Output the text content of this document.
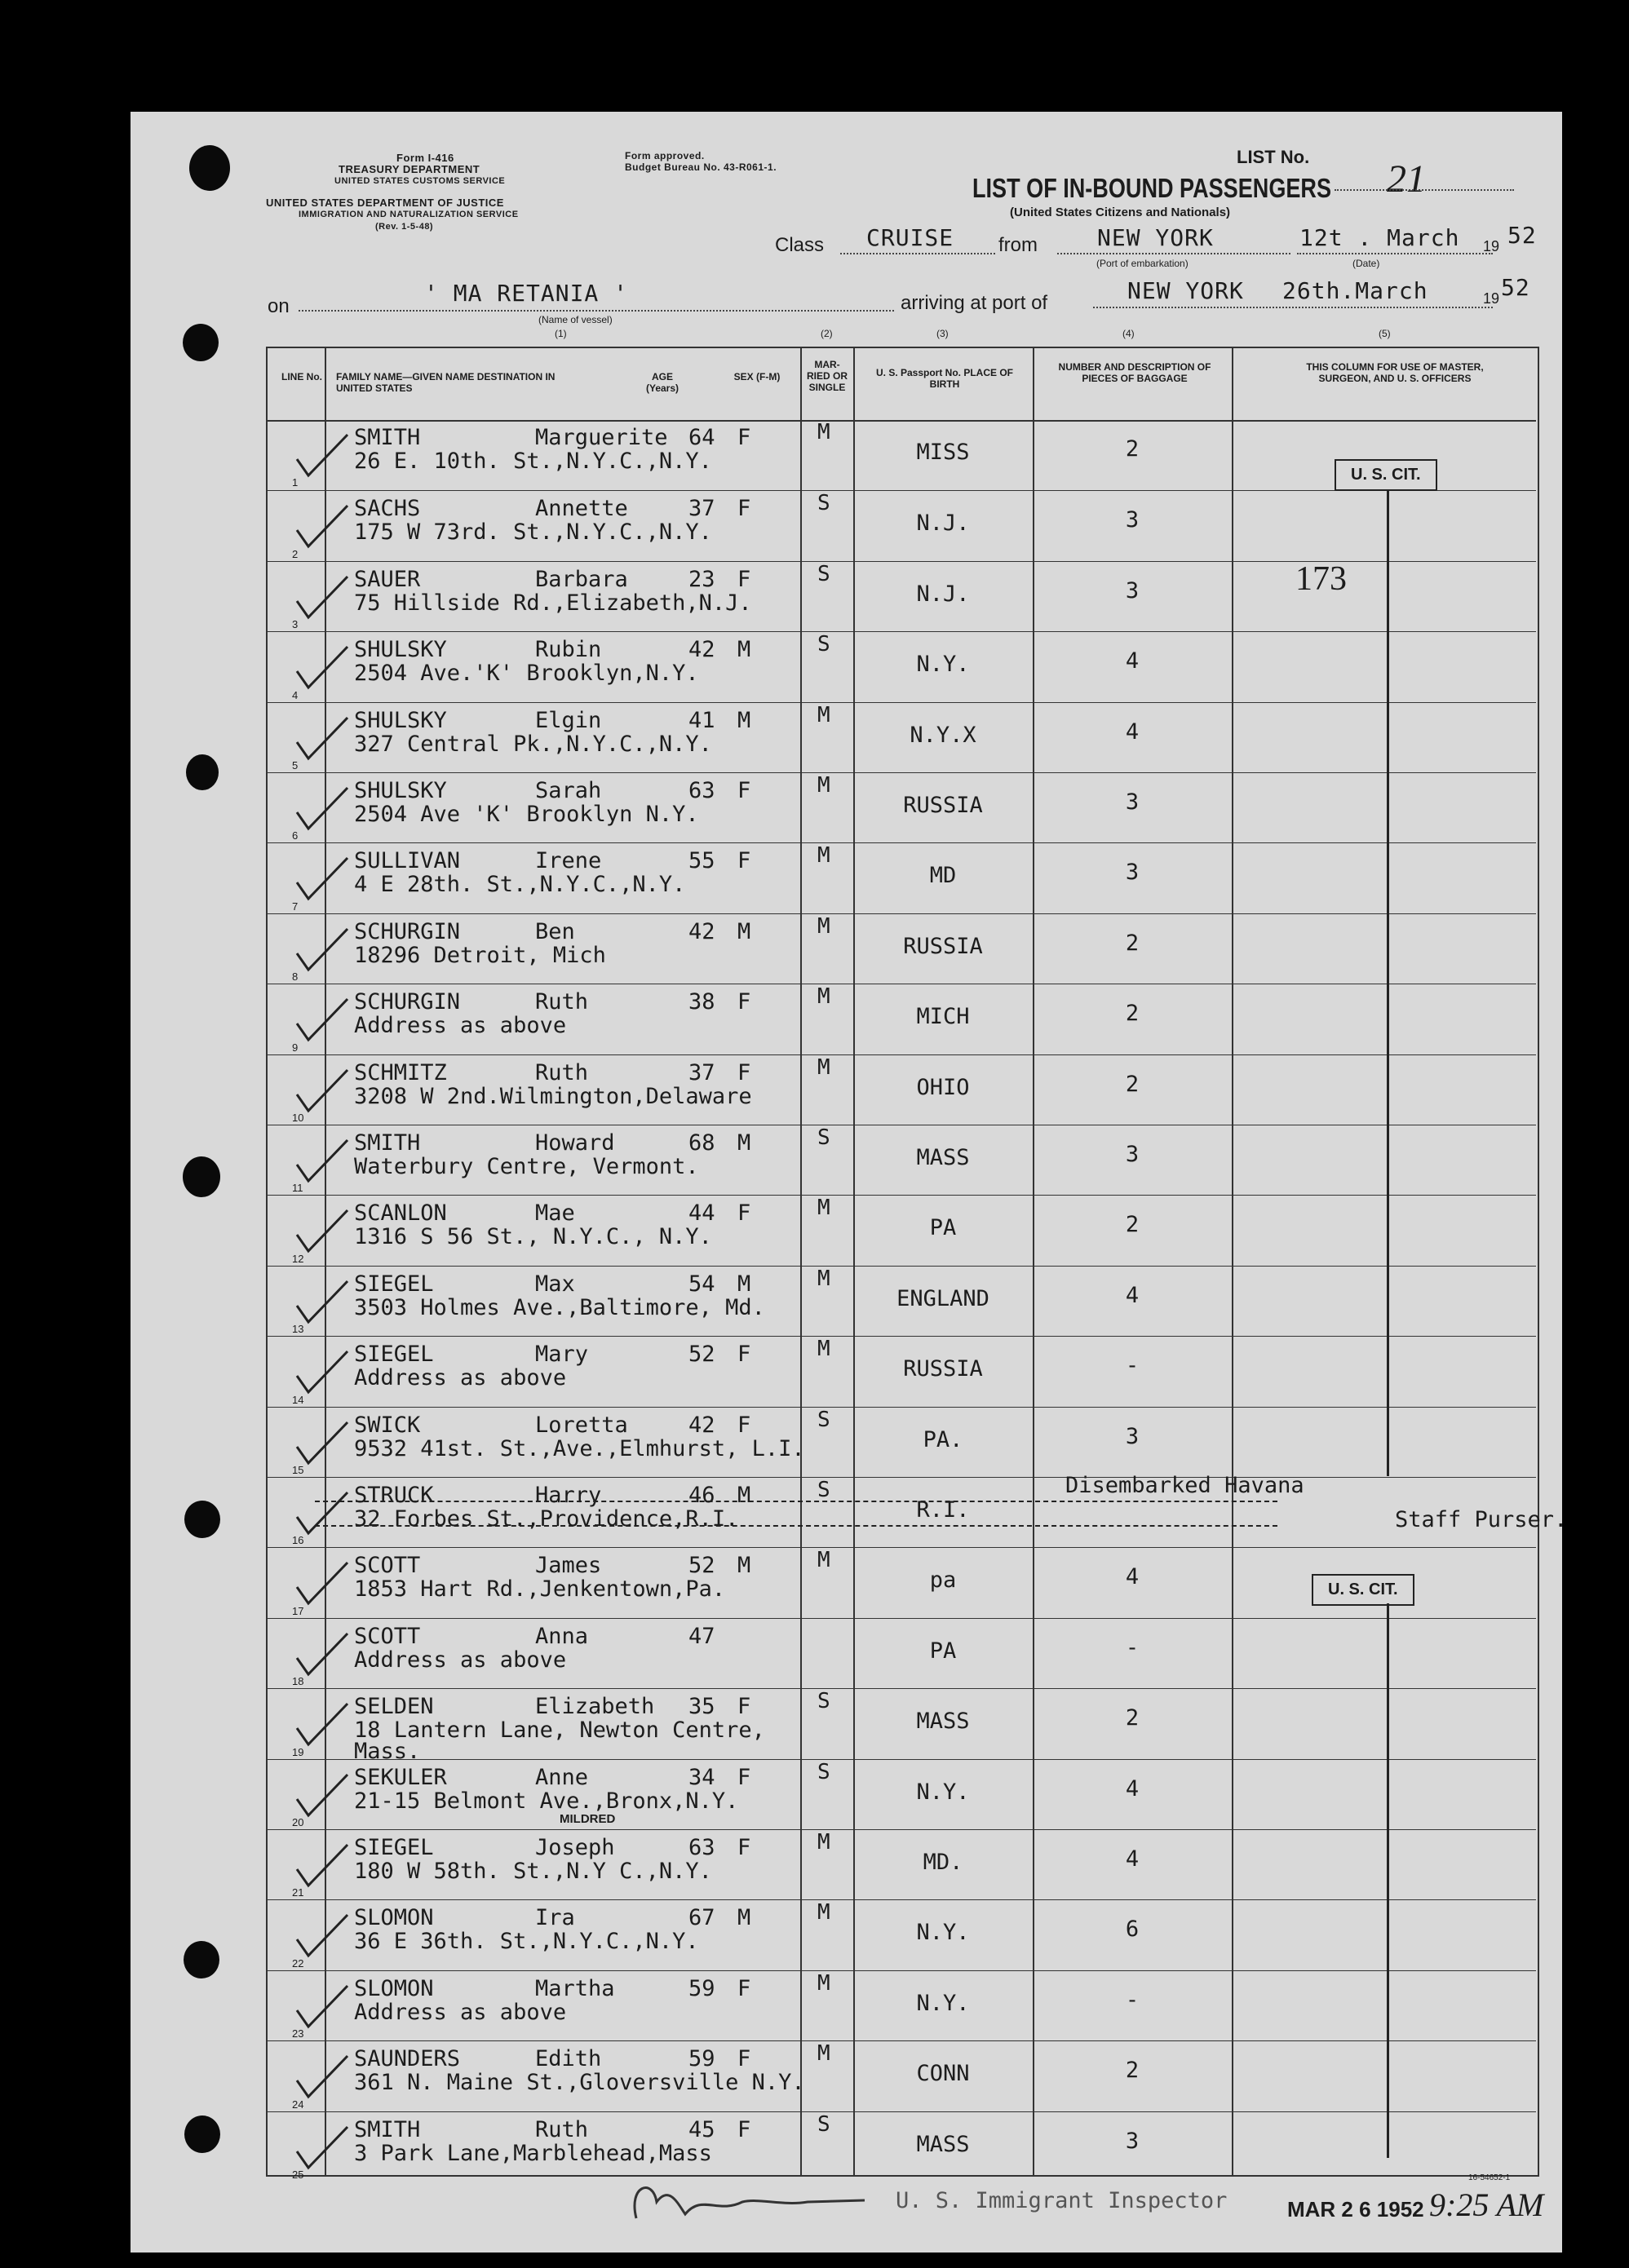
Form I-416
TREASURY DEPARTMENT
UNITED STATES CUSTOMS SERVICE
UNITED STATES DEPARTMENT OF JUSTICE
IMMIGRATION AND NATURALIZATION SERVICE
(Rev. 1-5-48)
Form approved.
Budget Bureau No. 43-R061-1.	LIST No.
21
LIST OF IN-BOUND PASSENGERS
(United States Citizens and Nationals)
Class CRUISE from	NEW YORK
(Port of embarkation)
12t . March 19 52
(Date)
on	' MA RETANIA '
(Name of vessel)
arriving at port of	NEW YORK 26th.March	19 52
(1)	(2)	(3)	(4)	(5)
LINE No.	FAMILY NAME—GIVEN NAME DESTINATION IN UNITED STATES
AGE (Years)
SEX (F-M)
MAR-RIED OR SINGLE
U. S. Passport No. PLACE OF BIRTH
NUMBER AND DESCRIPTION OF PIECES OF BAGGAGE
THIS COLUMN FOR USE OF MASTER, SURGEON, AND U. S. OFFICERS
1
SMITH	Marguerite 64 F
26 E. 10th. St.,N.Y.C.,N.Y.
M
MISS	2
2
SACHS	Annette	37 F
175 W 73rd. St.,N.Y.C.,N.Y.
S
N.J.	3
3
SAUER	Barbara	23 F
75 Hillside Rd.,Elizabeth,N.J.
S
N.J.	3
4
SHULSKY	Rubin	42 M
2504 Ave.'K' Brooklyn,N.Y.
S
N.Y.	4
5
SHULSKY	Elgin	41 M
327 Central Pk.,N.Y.C.,N.Y.
M
N.Y.X	4
6
SHULSKY	Sarah	63 F
2504 Ave 'K' Brooklyn N.Y.
M
RUSSIA	3
7
SULLIVAN	Irene	55 F
4 E 28th. St.,N.Y.C.,N.Y.
M
MD	3
8
SCHURGIN	Ben	42 M
18296 Detroit, Mich
M
RUSSIA	2
9
SCHURGIN	Ruth	38 F
Address as above
M
MICH	2
10
SCHMITZ	Ruth	37 F
3208 W 2nd.Wilmington,Delaware
M
OHIO	2
11
SMITH	Howard	68 M
Waterbury Centre, Vermont.
S
MASS	3
12
SCANLON	Mae	44 F
1316 S 56 St., N.Y.C., N.Y.
M
PA	2
13
SIEGEL	Max	54 M
3503 Holmes Ave.,Baltimore, Md.
M
ENGLAND	4
14
SIEGEL	Mary	52 F
Address as above
M
RUSSIA	-
15
SWICK	Loretta	42 F
9532 41st. St.,Ave.,Elmhurst, L.I.
S
PA.	3
16
STRUCK	Harry	46 M
32 Forbes St.,Providence,R.I.
S
R.I.
17
SCOTT	James	52 M
1853 Hart Rd.,Jenkentown,Pa.
M
pa	4
18
SCOTT	Anna	47
Address as above	PA	-
19
SELDEN	Elizabeth 35 F
18 Lantern Lane, Newton Centre, Mass.
S
MASS	2
20
SEKULER	Anne	34 F
21-15 Belmont Ave.,Bronx,N.Y.
S
N.Y.	4
21
SIEGEL	Joseph	63 F
180 W 58th. St.,N.Y C.,N.Y.
M
MD.	4
22
SLOMON	Ira	67 M
36 E 36th. St.,N.Y.C.,N.Y.
M
N.Y.	6
23
SLOMON	Martha	59 F
Address as above
M
N.Y.	-
24
SAUNDERS	Edith	59 F
361 N. Maine St.,Gloversville N.Y.
M
CONN	2
25
SMITH	Ruth	45 F
3 Park Lane,Marblehead,Mass
S
MASS	3
U. S. CIT.
173
U. S. CIT.
Disembarked Havana
Staff Purser.
MILDRED
U. S. Immigrant Inspector	MAR 2 6 1952 9:25 AM
16-54652-1
